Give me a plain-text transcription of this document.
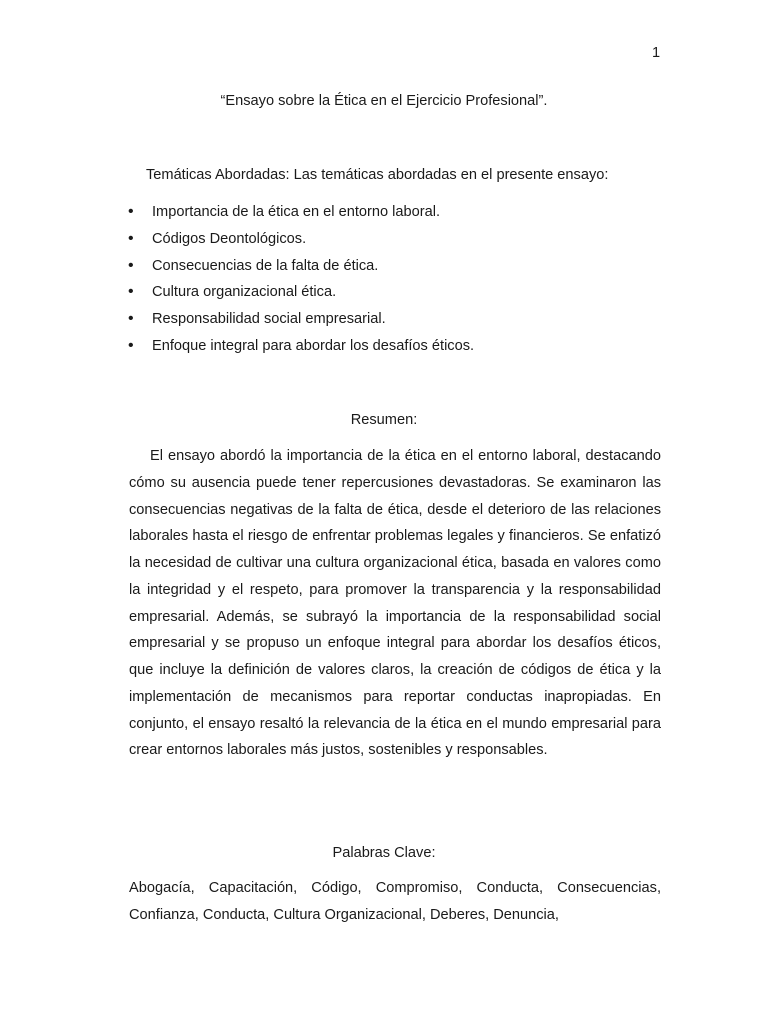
1
“Ensayo sobre la Ética en el Ejercicio Profesional”.
Temáticas Abordadas: Las temáticas abordadas en el presente ensayo:
•	Importancia de la ética en el entorno laboral.
•	Códigos Deontológicos.
•	Consecuencias de la falta de ética.
•	Cultura organizacional ética.
•	Responsabilidad social empresarial.
•	Enfoque integral para abordar los desafíos éticos.
Resumen:

El ensayo abordó la importancia de la ética en el entorno laboral, destacando cómo su ausencia puede tener repercusiones devastadoras. Se examinaron las consecuencias negativas de la falta de ética, desde el deterioro de las relaciones laborales hasta el riesgo de enfrentar problemas legales y financieros. Se enfatizó la necesidad de cultivar una cultura organizacional ética, basada en valores como la integridad y el respeto, para promover la transparencia y la responsabilidad empresarial. Además, se subrayó la importancia de la responsabilidad social empresarial y se propuso un enfoque integral para abordar los desafíos éticos, que incluye la definición de valores claros, la creación de códigos de ética y la implementación de mecanismos para reportar conductas inapropiadas. En conjunto, el ensayo resaltó la relevancia de la ética en el mundo empresarial para crear entornos laborales más justos, sostenibles y responsables.

Palabras Clave:

Abogacía, Capacitación, Código, Compromiso, Conducta, Consecuencias, Confianza, Conducta, Cultura Organizacional, Deberes, Denuncia,
